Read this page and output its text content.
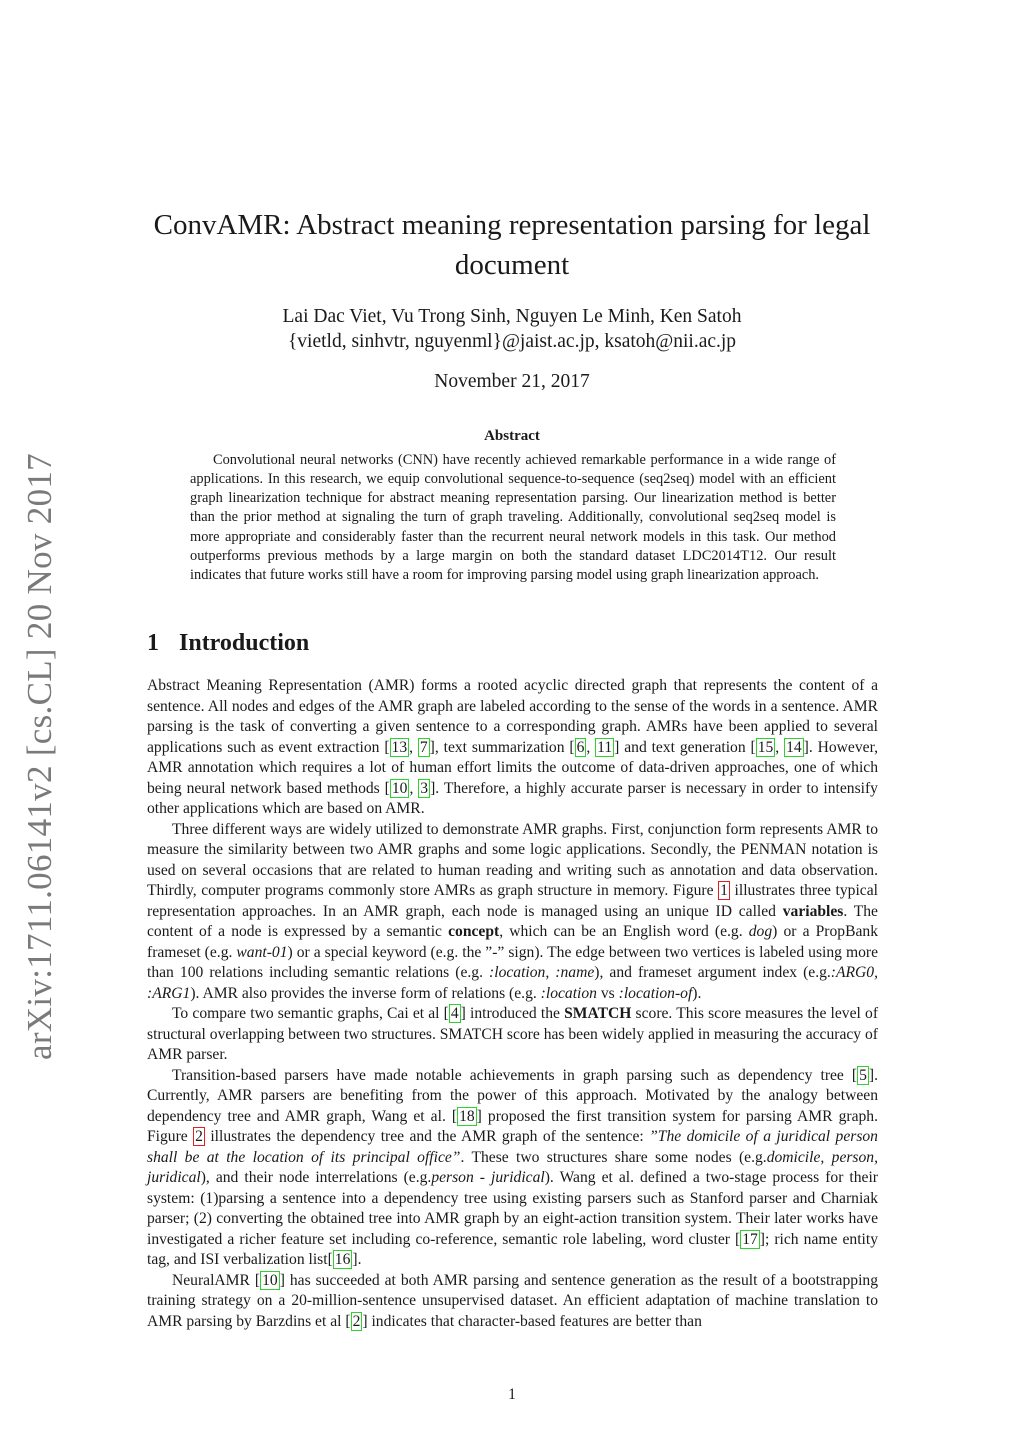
arXiv:1711.06141v2 [cs.CL] 20 Nov 2017
ConvAMR: Abstract meaning representation parsing for legal document
Lai Dac Viet, Vu Trong Sinh, Nguyen Le Minh, Ken Satoh
{vietld, sinhvtr, nguyenml}@jaist.ac.jp, ksatoh@nii.ac.jp
November 21, 2017
Abstract
Convolutional neural networks (CNN) have recently achieved remarkable performance in a wide range of applications. In this research, we equip convolutional sequence-to-sequence (seq2seq) model with an efficient graph linearization technique for abstract meaning representation parsing. Our linearization method is better than the prior method at signaling the turn of graph traveling. Additionally, convolutional seq2seq model is more appropriate and considerably faster than the recurrent neural network models in this task. Our method outperforms previous methods by a large margin on both the standard dataset LDC2014T12. Our result indicates that future works still have a room for improving parsing model using graph linearization approach.
1 Introduction

Abstract Meaning Representation (AMR) forms a rooted acyclic directed graph that represents the content of a sentence. All nodes and edges of the AMR graph are labeled according to the sense of the words in a sentence. AMR parsing is the task of converting a given sentence to a corresponding graph. AMRs have been applied to several applications such as event extraction [ 13 , 7 ], text summarization [ 6 , 11 ] and text generation [ 15 , 14 ]. However, AMR annotation which requires a lot of human effort limits the outcome of data-driven approaches, one of which being neural network based methods [ 10 , 3 ]. Therefore, a highly accurate parser is necessary in order to intensify other applications which are based on AMR.

Three different ways are widely utilized to demonstrate AMR graphs. First, conjunction form represents AMR to measure the similarity between two AMR graphs and some logic applications. Secondly, the PENMAN notation is used on several occasions that are related to human reading and writing such as annotation and data observation. Thirdly, computer programs commonly store AMRs as graph structure in memory. Figure 1 illustrates three typical representation approaches. In an AMR graph, each node is managed using an unique ID called variables. The content of a node is expressed by a semantic concept, which can be an English word (e.g. dog) or a PropBank frameset (e.g. want-01) or a special keyword (e.g. the ”-” sign). The edge between two vertices is labeled using more than 100 relations including semantic relations (e.g. :location, :name), and frameset argument index (e.g.:ARG0, :ARG1). AMR also provides the inverse form of relations (e.g. :location vs :location-of).

To compare two semantic graphs, Cai et al [ 4 ] introduced the SMATCH score. This score measures the level of structural overlapping between two structures. SMATCH score has been widely applied in measuring the accuracy of AMR parser.

Transition-based parsers have made notable achievements in graph parsing such as dependency tree [ 5 ]. Currently, AMR parsers are benefiting from the power of this approach. Motivated by the analogy between dependency tree and AMR graph, Wang et al. [ 18 ] proposed the first transition system for parsing AMR graph. Figure 2 illustrates the dependency tree and the AMR graph of the sentence: ”The domicile of a juridical person shall be at the location of its principal office”. These two structures share some nodes (e.g.domicile, person, juridical), and their node interrelations (e.g.person - juridical). Wang et al. defined a two-stage process for their system: (1)parsing a sentence into a dependency tree using existing parsers such as Stanford parser and Charniak parser; (2) converting the obtained tree into AMR graph by an eight-action transition system. Their later works have investigated a richer feature set including co-reference, semantic role labeling, word cluster [ 17 ]; rich name entity tag, and ISI verbalization list[ 16 ].

NeuralAMR [ 10 ] has succeeded at both AMR parsing and sentence generation as the result of a bootstrapping training strategy on a 20-million-sentence unsupervised dataset. An efficient adaptation of machine translation to AMR parsing by Barzdins et al [ 2 ] indicates that character-based features are better than

1
